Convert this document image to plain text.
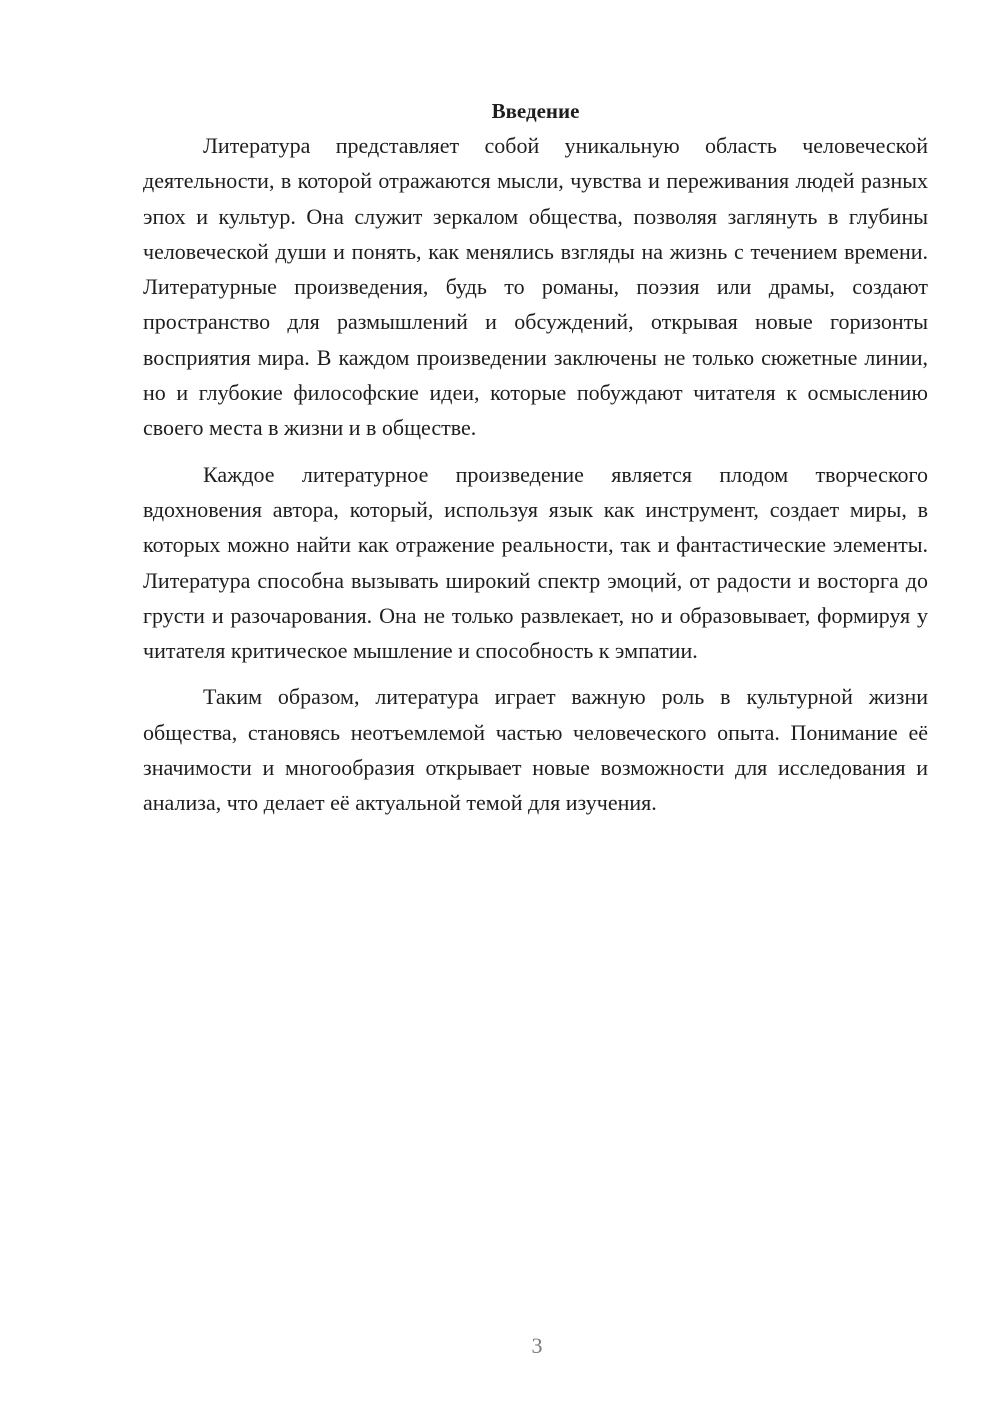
Введение

Литература представляет собой уникальную область человеческой деятельности, в которой отражаются мысли, чувства и переживания людей разных эпох и культур. Она служит зеркалом общества, позволяя заглянуть в глубины человеческой души и понять, как менялись взгляды на жизнь с течением времени. Литературные произведения, будь то романы, поэзия или драмы, создают пространство для размышлений и обсуждений, открывая новые горизонты восприятия мира. В каждом произведении заключены не только сюжетные линии, но и глубокие философские идеи, которые побуждают читателя к осмыслению своего места в жизни и в обществе.

Каждое литературное произведение является плодом творческого вдохновения автора, который, используя язык как инструмент, создает миры, в которых можно найти как отражение реальности, так и фантастические элементы. Литература способна вызывать широкий спектр эмоций, от радости и восторга до грусти и разочарования. Она не только развлекает, но и образовывает, формируя у читателя критическое мышление и способность к эмпатии.

Таким образом, литература играет важную роль в культурной жизни общества, становясь неотъемлемой частью человеческого опыта. Понимание её значимости и многообразия открывает новые возможности для исследования и анализа, что делает её актуальной темой для изучения.

3
